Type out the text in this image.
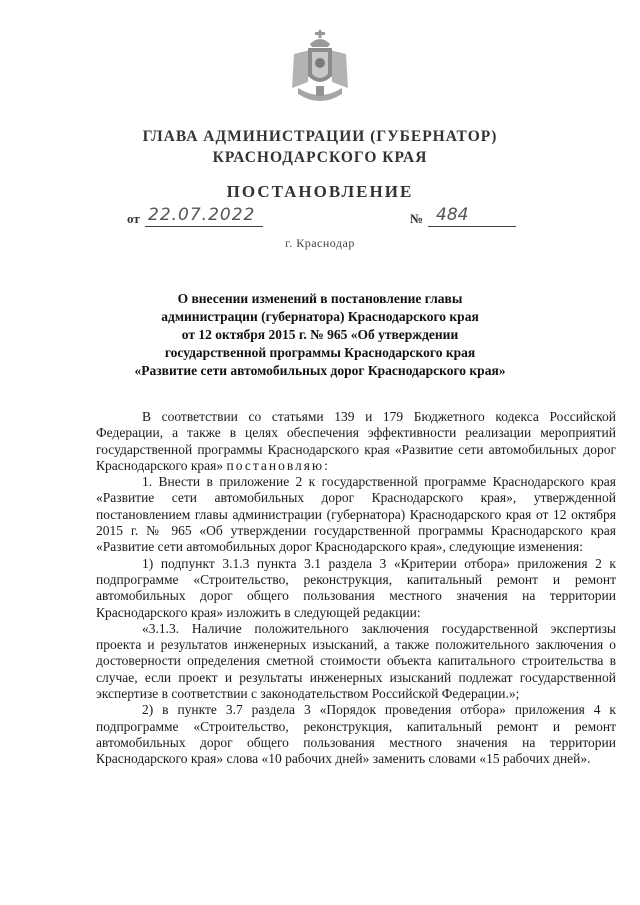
ГЛАВА АДМИНИСТРАЦИИ (ГУБЕРНАТОР)
КРАСНОДАРСКОГО КРАЯ
ПОСТАНОВЛЕНИЕ
от 22.07.2022	№ 484
г. Краснодар
О внесении изменений в постановление главы
администрации (губернатора) Краснодарского края
от 12 октября 2015 г. № 965 «Об утверждении
государственной программы Краснодарского края
«Развитие сети автомобильных дорог Краснодарского края»

В соответствии со статьями 139 и 179 Бюджетного кодекса Российской Федерации, а также в целях обеспечения эффективности реализации мероприятий государственной программы Краснодарского края «Развитие сети автомобильных дорог Краснодарского края» постановляю:

1. Внести в приложение 2 к государственной программе Краснодарского края «Развитие сети автомобильных дорог Краснодарского края», утвержденной постановлением главы администрации (губернатора) Краснодарского края от 12 октября 2015 г. № 965 «Об утверждении государственной программы Краснодарского края «Развитие сети автомобильных дорог Краснодарского края», следующие изменения:

1) подпункт 3.1.3 пункта 3.1 раздела 3 «Критерии отбора» приложения 2 к подпрограмме «Строительство, реконструкция, капитальный ремонт и ремонт автомобильных дорог общего пользования местного значения на территории Краснодарского края» изложить в следующей редакции:

«3.1.3. Наличие положительного заключения государственной экспертизы проекта и результатов инженерных изысканий, а также положительного заключения о достоверности определения сметной стоимости объекта капитального строительства в случае, если проект и результаты инженерных изысканий подлежат государственной экспертизе в соответствии с законодательством Российской Федерации.»;

2) в пункте 3.7 раздела 3 «Порядок проведения отбора» приложения 4 к подпрограмме «Строительство, реконструкция, капитальный ремонт и ремонт автомобильных дорог общего пользования местного значения на территории Краснодарского края» слова «10 рабочих дней» заменить словами «15 рабочих дней».
